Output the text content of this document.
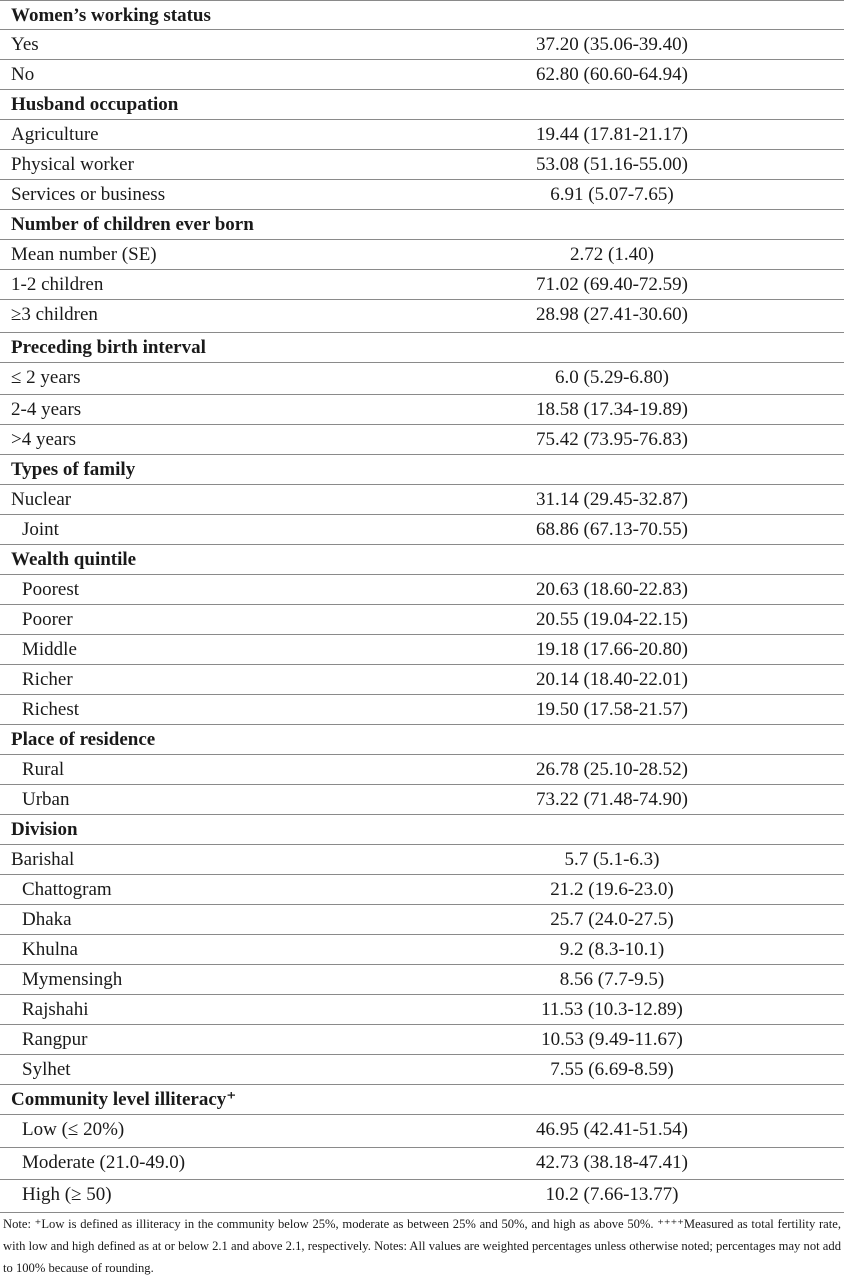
Women’s working status
Yes	37.20 (35.06-39.40)
No	62.80 (60.60-64.94)
Husband occupation
Agriculture	19.44 (17.81-21.17)
Physical worker	53.08 (51.16-55.00)
Services or business	6.91 (5.07-7.65)
Number of children ever born
Mean number (SE)	2.72 (1.40)
1-2 children	71.02 (69.40-72.59)
≥3 children	28.98 (27.41-30.60)
Preceding birth interval
≤ 2 years	6.0 (5.29-6.80)
2-4 years	18.58 (17.34-19.89)
>4 years	75.42 (73.95-76.83)
Types of family
Nuclear	31.14 (29.45-32.87)
Joint	68.86 (67.13-70.55)
Wealth quintile
Poorest	20.63 (18.60-22.83)
Poorer	20.55 (19.04-22.15)
Middle	19.18 (17.66-20.80)
Richer	20.14 (18.40-22.01)
Richest	19.50 (17.58-21.57)
Place of residence
Rural	26.78 (25.10-28.52)
Urban	73.22 (71.48-74.90)
Division
Barishal	5.7 (5.1-6.3)
Chattogram	21.2 (19.6-23.0)
Dhaka	25.7 (24.0-27.5)
Khulna	9.2 (8.3-10.1)
Mymensingh	8.56 (7.7-9.5)
Rajshahi	11.53 (10.3-12.89)
Rangpur	10.53 (9.49-11.67)
Sylhet	7.55 (6.69-8.59)
Community level illiteracy⁺
Low (≤ 20%)	46.95 (42.41-51.54)
Moderate (21.0-49.0)	42.73 (38.18-47.41)
High (≥ 50)	10.2 (7.66-13.77)
Note: ⁺Low is defined as illiteracy in the community below 25%, moderate as between 25% and 50%, and high as above 50%. ⁺⁺⁺⁺Measured as total fertility rate, with low and high defined as at or below 2.1 and above 2.1, respectively. Notes: All values are weighted percentages unless otherwise noted; percentages may not add to 100% because of rounding.
